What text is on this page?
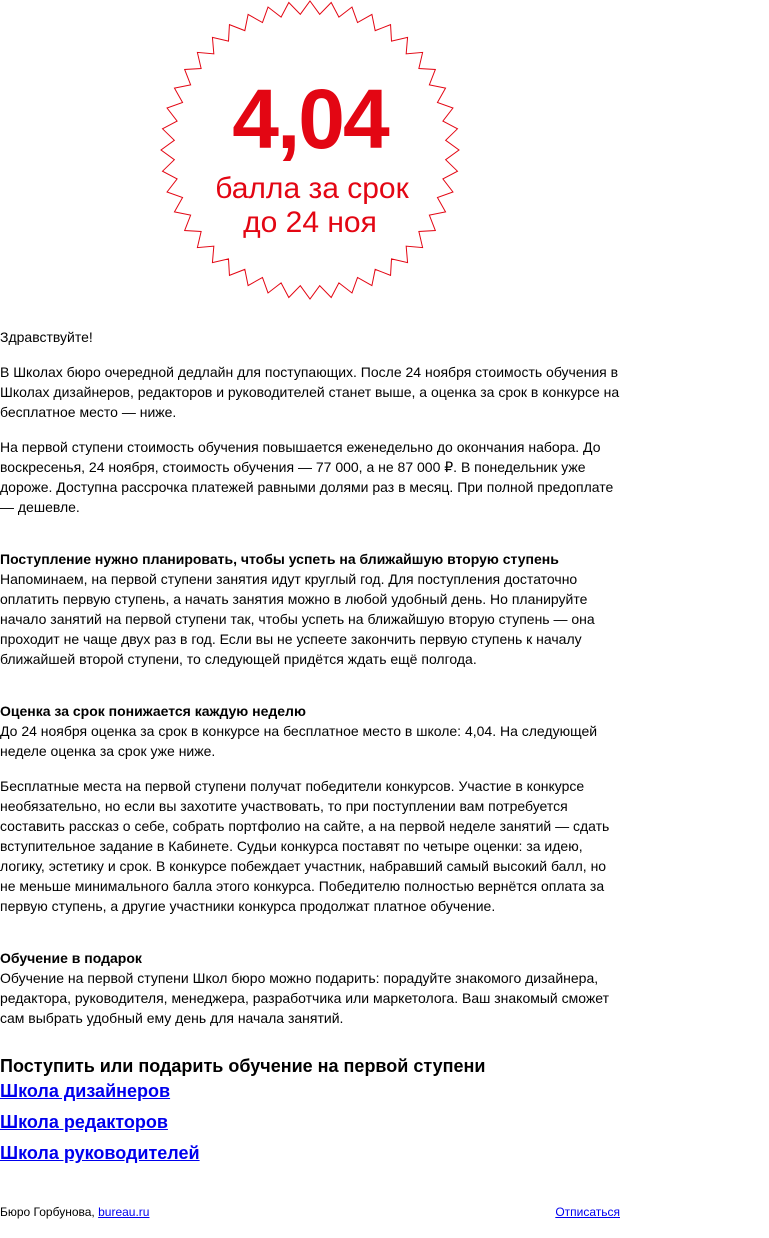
4,04
балла за срок
до 24 ноя

Здравствуйте!

В Школах бюро очередной дедлайн для поступающих. После 24 ноября стоимость обучения в Школах дизайнеров, редакторов и руководителей станет выше, а оценка за срок в конкурсе на бесплатное место — ниже.

На первой ступени стоимость обучения повышается еженедельно до окончания набора. До воскресенья, 24 ноября, стоимость обучения — 77 000, а не 87 000 ₽. В понедельник уже дороже. Доступна рассрочка платежей равными долями раз в месяц. При полной предоплате — дешевле.

Поступление нужно планировать, чтобы успеть на ближайшую вторую ступень

Напоминаем, на первой ступени занятия идут круглый год. Для поступления достаточно оплатить первую ступень, а начать занятия можно в любой удобный день. Но планируйте начало занятий на первой ступени так, чтобы успеть на ближайшую вторую ступень — она проходит не чаще двух раз в год. Если вы не успеете закончить первую ступень к началу ближайшей второй ступени, то следующей придётся ждать ещё полгода.

Оценка за срок понижается каждую неделю

До 24 ноября оценка за срок в конкурсе на бесплатное место в школе: 4,04. На следующей неделе оценка за срок уже ниже.

Бесплатные места на первой ступени получат победители конкурсов. Участие в конкурсе необязательно, но если вы захотите участвовать, то при поступлении вам потребуется составить рассказ о себе, собрать портфолио на сайте, а на первой неделе занятий — сдать вступительное задание в Кабинете. Судьи конкурса поставят по четыре оценки: за идею, логику, эстетику и срок. В конкурсе побеждает участник, набравший самый высокий балл, но не меньше минимального балла этого конкурса. Победителю полностью вернётся оплата за первую ступень, а другие участники конкурса продолжат платное обучение.

Обучение в подарок

Обучение на первой ступени Школ бюро можно подарить: порадуйте знакомого дизайнера, редактора, руководителя, менеджера, разработчика или маркетолога. Ваш знакомый сможет сам выбрать удобный ему день для начала занятий.

Поступить или подарить обучение на первой ступени

Школа дизайнеров
Школа редакторов
Школа руководителей
Бюро Горбунова, bureau.ru	Отписаться
